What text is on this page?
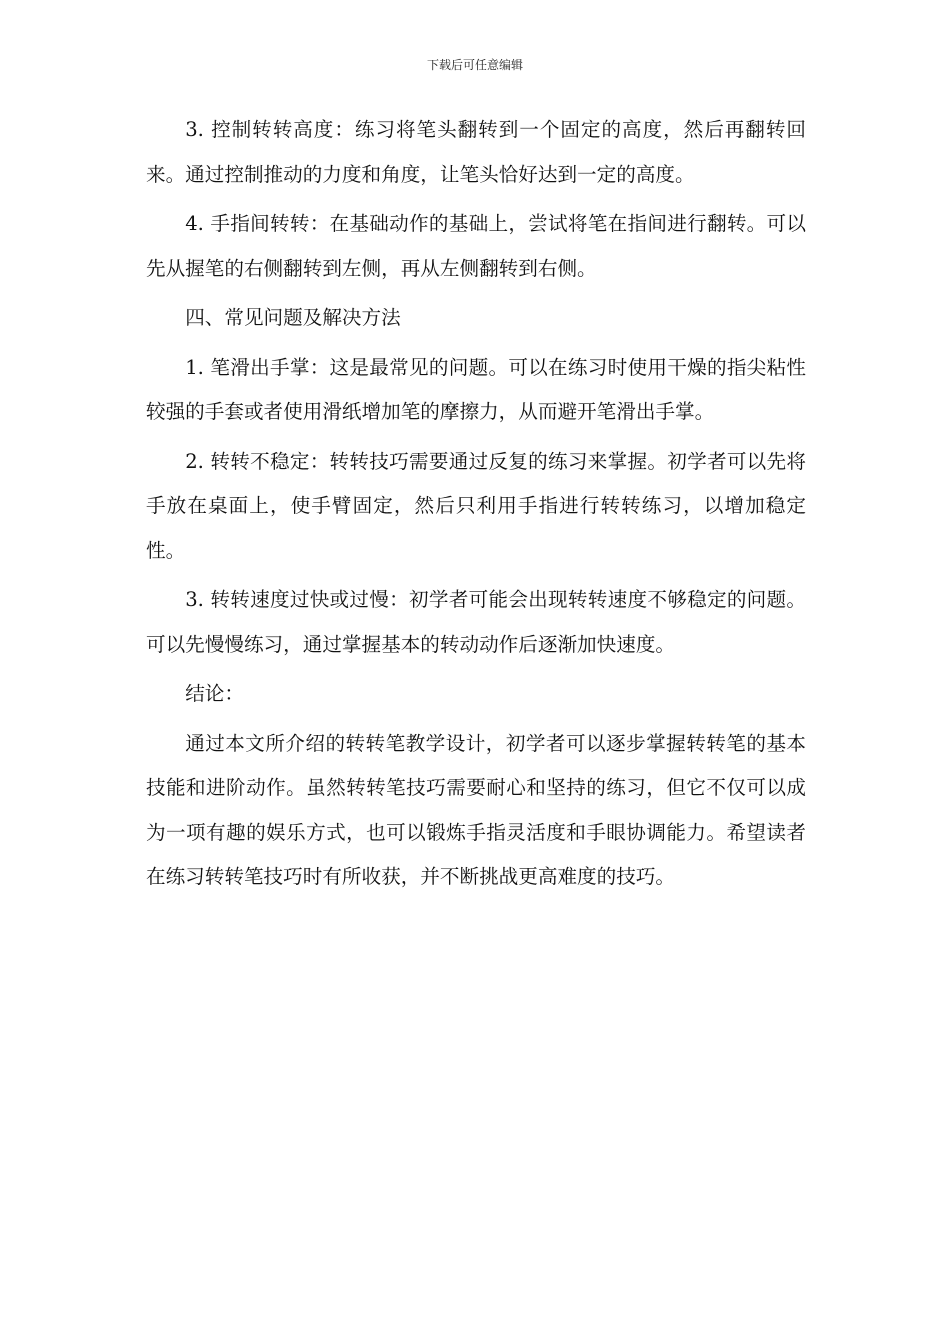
下载后可任意编辑

3. 控制转转高度：练习将笔头翻转到一个固定的高度，然后再翻转回来。通过控制推动的力度和角度，让笔头恰好达到一定的高度。

4. 手指间转转：在基础动作的基础上，尝试将笔在指间进行翻转。可以先从握笔的右侧翻转到左侧，再从左侧翻转到右侧。

四、常见问题及解决方法

1. 笔滑出手掌：这是最常见的问题。可以在练习时使用干燥的指尖粘性较强的手套或者使用滑纸增加笔的摩擦力，从而避开笔滑出手掌。

2. 转转不稳定：转转技巧需要通过反复的练习来掌握。初学者可以先将手放在桌面上，使手臂固定，然后只利用手指进行转转练习，以增加稳定性。

3. 转转速度过快或过慢：初学者可能会出现转转速度不够稳定的问题。可以先慢慢练习，通过掌握基本的转动动作后逐渐加快速度。

结论：

通过本文所介绍的转转笔教学设计，初学者可以逐步掌握转转笔的基本技能和进阶动作。虽然转转笔技巧需要耐心和坚持的练习，但它不仅可以成为一项有趣的娱乐方式，也可以锻炼手指灵活度和手眼协调能力。希望读者在练习转转笔技巧时有所收获，并不断挑战更高难度的技巧。
